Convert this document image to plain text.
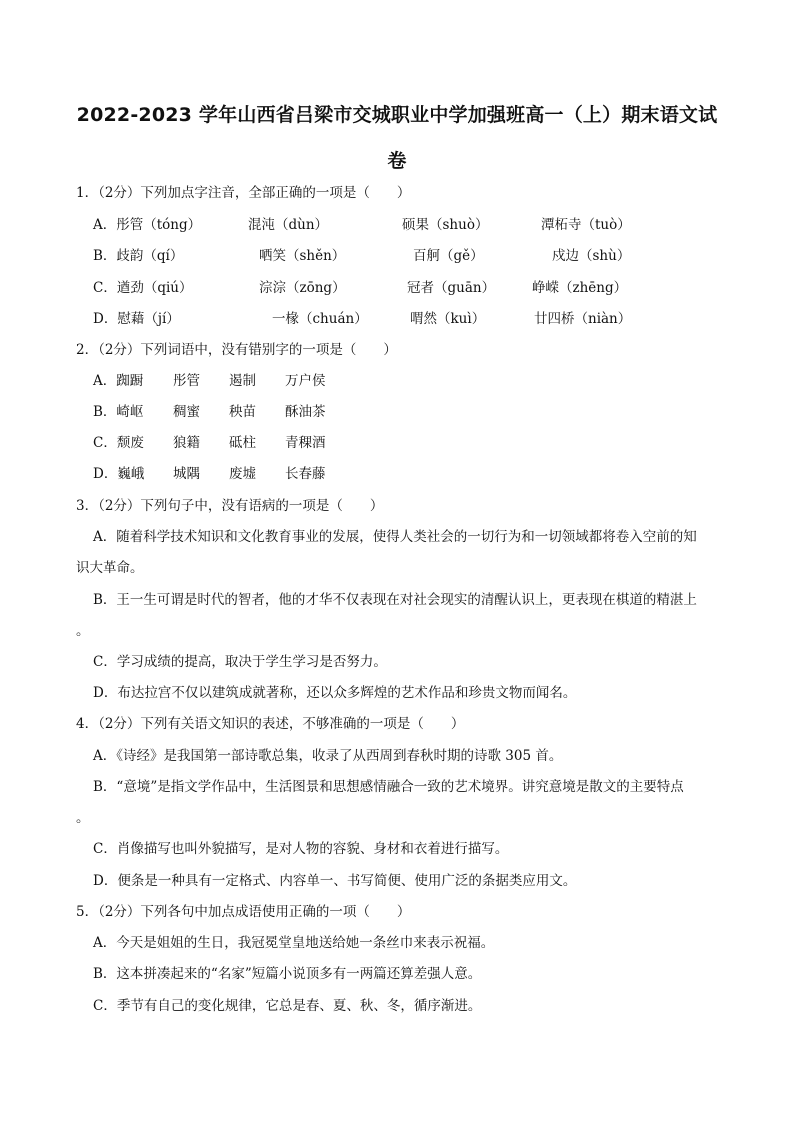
2022-2023 学年山西省吕梁市交城职业中学加强班高一（上）期末语文试
卷
1．（2分）下列加点字注音，全部正确的一项是（　　）
A．彤管（tóng）	混沌（dùn）	硕果（shuò）	潭柘寺（tuò）
B．歧韵（qí）	哂笑（shěn）	百舸（gě）	戍边（shù）
C．遒劲（qiú）	淙淙（zōng）	冠者（guān）	峥嵘（zhēng）
D．慰藉（jí）	一椽（chuán）	喟然（kuì）	廿四桥（niàn）
2．（2分）下列词语中，没有错别字的一项是（　　）
A．踟蹰 彤管 遏制 万户侯
B．崎岖 稠蜜 秧苗 酥油茶
C．颓废 狼籍 砥柱 青稞酒
D．巍峨 城隅 废墟 长春藤
3．（2分）下列句子中，没有语病的一项是（　　）
A．随着科学技术知识和文化教育事业的发展，使得人类社会的一切行为和一切领域都将卷入空前的知
识大革命。
B．王一生可谓是时代的智者，他的才华不仅表现在对社会现实的清醒认识上，更表现在棋道的精湛上
。
C．学习成绩的提高，取决于学生学习是否努力。
D．布达拉宫不仅以建筑成就著称，还以众多辉煌的艺术作品和珍贵文物而闻名。
4．（2分）下列有关语文知识的表述，不够准确的一项是（　　）
A．《诗经》是我国第一部诗歌总集，收录了从西周到春秋时期的诗歌 305 首。
B．“意境”是指文学作品中，生活图景和思想感情融合一致的艺术境界。讲究意境是散文的主要特点
。
C．肖像描写也叫外貌描写，是对人物的容貌、身材和衣着进行描写。
D．便条是一种具有一定格式、内容单一、书写简便、使用广泛的条据类应用文。
5．（2分）下列各句中加点成语使用正确的一项（　　）
A．今天是姐姐的生日，我冠冕堂皇地送给她一条丝巾来表示祝福。
B．这本拼凑起来的“名家”短篇小说顶多有一两篇还算差强人意。
C．季节有自己的变化规律，它总是春、夏、秋、冬，循序渐进。
